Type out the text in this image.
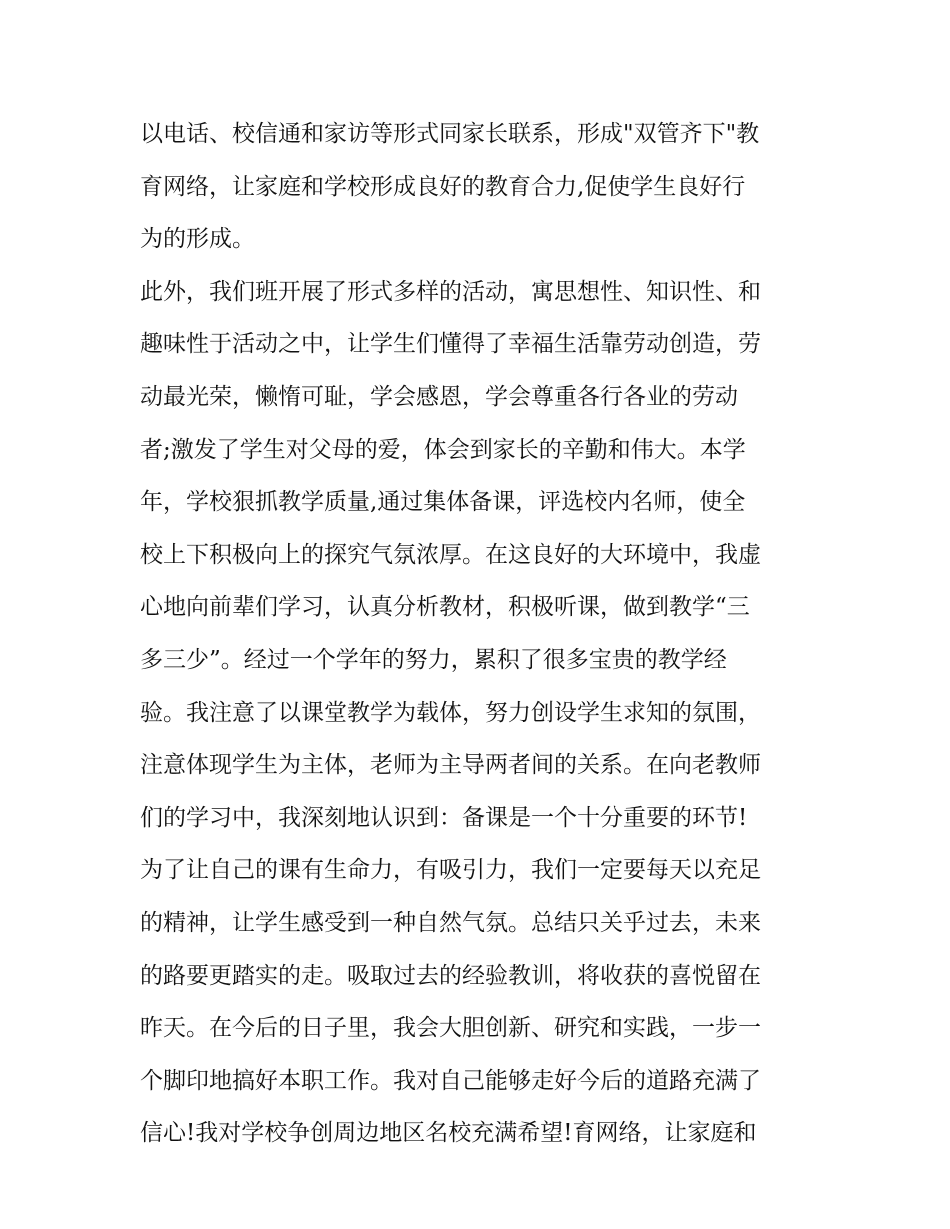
以电话、校信通和家访等形式同家长联系，形成"双管齐下"教
育网络，让家庭和学校形成良好的教育合力,促使学生良好行
为的形成。
此外，我们班开展了形式多样的活动，寓思想性、知识性、和
趣味性于活动之中，让学生们懂得了幸福生活靠劳动创造，劳
动最光荣，懒惰可耻，学会感恩，学会尊重各行各业的劳动
者;激发了学生对父母的爱，体会到家长的辛勤和伟大。本学
年，学校狠抓教学质量,通过集体备课，评选校内名师，使全
校上下积极向上的探究气氛浓厚。在这良好的大环境中，我虚
心地向前辈们学习，认真分析教材，积极听课，做到教学“三
多三少”。经过一个学年的努力，累积了很多宝贵的教学经
验。我注意了以课堂教学为载体，努力创设学生求知的氛围，
注意体现学生为主体，老师为主导两者间的关系。在向老教师
们的学习中，我深刻地认识到：备课是一个十分重要的环节!
为了让自己的课有生命力，有吸引力，我们一定要每天以充足
的精神，让学生感受到一种自然气氛。总结只关乎过去，未来
的路要更踏实的走。吸取过去的经验教训，将收获的喜悦留在
昨天。在今后的日子里，我会大胆创新、研究和实践，一步一
个脚印地搞好本职工作。我对自己能够走好今后的道路充满了
信心!我对学校争创周边地区名校充满希望!育网络，让家庭和
